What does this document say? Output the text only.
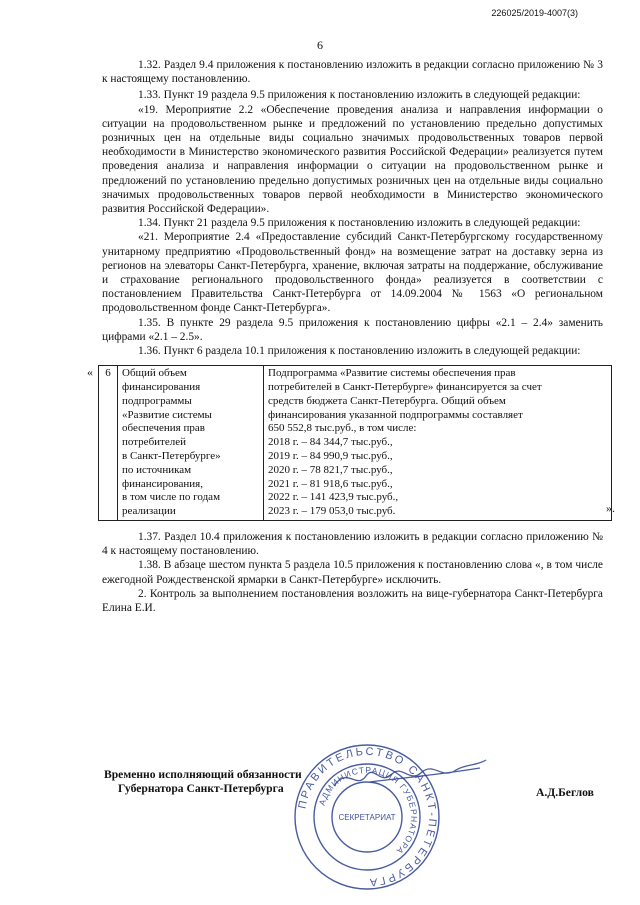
226025/2019-4007(3)
6

1.32. Раздел 9.4 приложения к постановлению изложить в редакции согласно приложению № 3 к настоящему постановлению.

1.33. Пункт 19 раздела 9.5 приложения к постановлению изложить в следующей редакции:

«19. Мероприятие 2.2 «Обеспечение проведения анализа и направления информации о ситуации на продовольственном рынке и предложений по установлению предельно допустимых розничных цен на отдельные виды социально значимых продовольственных товаров первой необходимости в Министерство экономического развития Российской Федерации» реализуется путем проведения анализа и направления информации о ситуации на продовольственном рынке и предложений по установлению предельно допустимых розничных цен на отдельные виды социально значимых продовольственных товаров первой необходимости в Министерство экономического развития Российской Федерации».

1.34. Пункт 21 раздела 9.5 приложения к постановлению изложить в следующей редакции:

«21. Мероприятие 2.4 «Предоставление субсидий Санкт-Петербургскому государственному унитарному предприятию «Продовольственный фонд» на возмещение затрат на доставку зерна из регионов на элеваторы Санкт-Петербурга, хранение, включая затраты на поддержание, обслуживание и страхование регионального продовольственного фонда» реализуется в соответствии с постановлением Правительства Санкт-Петербурга от 14.09.2004 № 1563 «О региональном продовольственном фонде Санкт-Петербурга».

1.35. В пункте 29 раздела 9.5 приложения к постановлению цифры «2.1 – 2.4» заменить цифрами «2.1 – 2.5».

1.36. Пункт 6 раздела 10.1 приложения к постановлению изложить в следующей редакции:

« 6	Общий объем
финансирования
подпрограммы
«Развитие системы
обеспечения прав
потребителей
в Санкт-Петербурге»
по источникам
финансирования,
в том числе по годам
реализации

Подпрограмма «Развитие системы обеспечения прав
потребителей в Санкт-Петербурге» финансируется за счет
средств бюджета Санкт-Петербурга. Общий объем
финансирования указанной подпрограммы составляет
650 552,8 тыс.руб., в том числе:
2018 г. – 84 344,7 тыс.руб.,
2019 г. – 84 990,9 тыс.руб.,
2020 г. – 78 821,7 тыс.руб.,
2021 г. – 81 918,6 тыс.руб.,
2022 г. – 141 423,9 тыс.руб.,
2023 г. – 179 053,0 тыс.руб.	».

1.37. Раздел 10.4 приложения к постановлению изложить в редакции согласно приложению № 4 к настоящему постановлению.

1.38. В абзаце шестом пункта 5 раздела 10.5 приложения к постановлению слова «, в том числе ежегодной Рождественской ярмарки в Санкт-Петербурге» исключить.

2. Контроль за выполнением постановления возложить на вице-губернатора Санкт-Петербурга Елина Е.И.

Временно исполняющий обязанности
Губернатора Санкт-Петербурга	А.Д.Беглов
ПРАВИТЕЛЬСТВО САНКТ-ПЕТЕРБУРГА
АДМИНИСТРАЦИЯ ГУБЕРНАТОРА
СЕКРЕТАРИАТ
